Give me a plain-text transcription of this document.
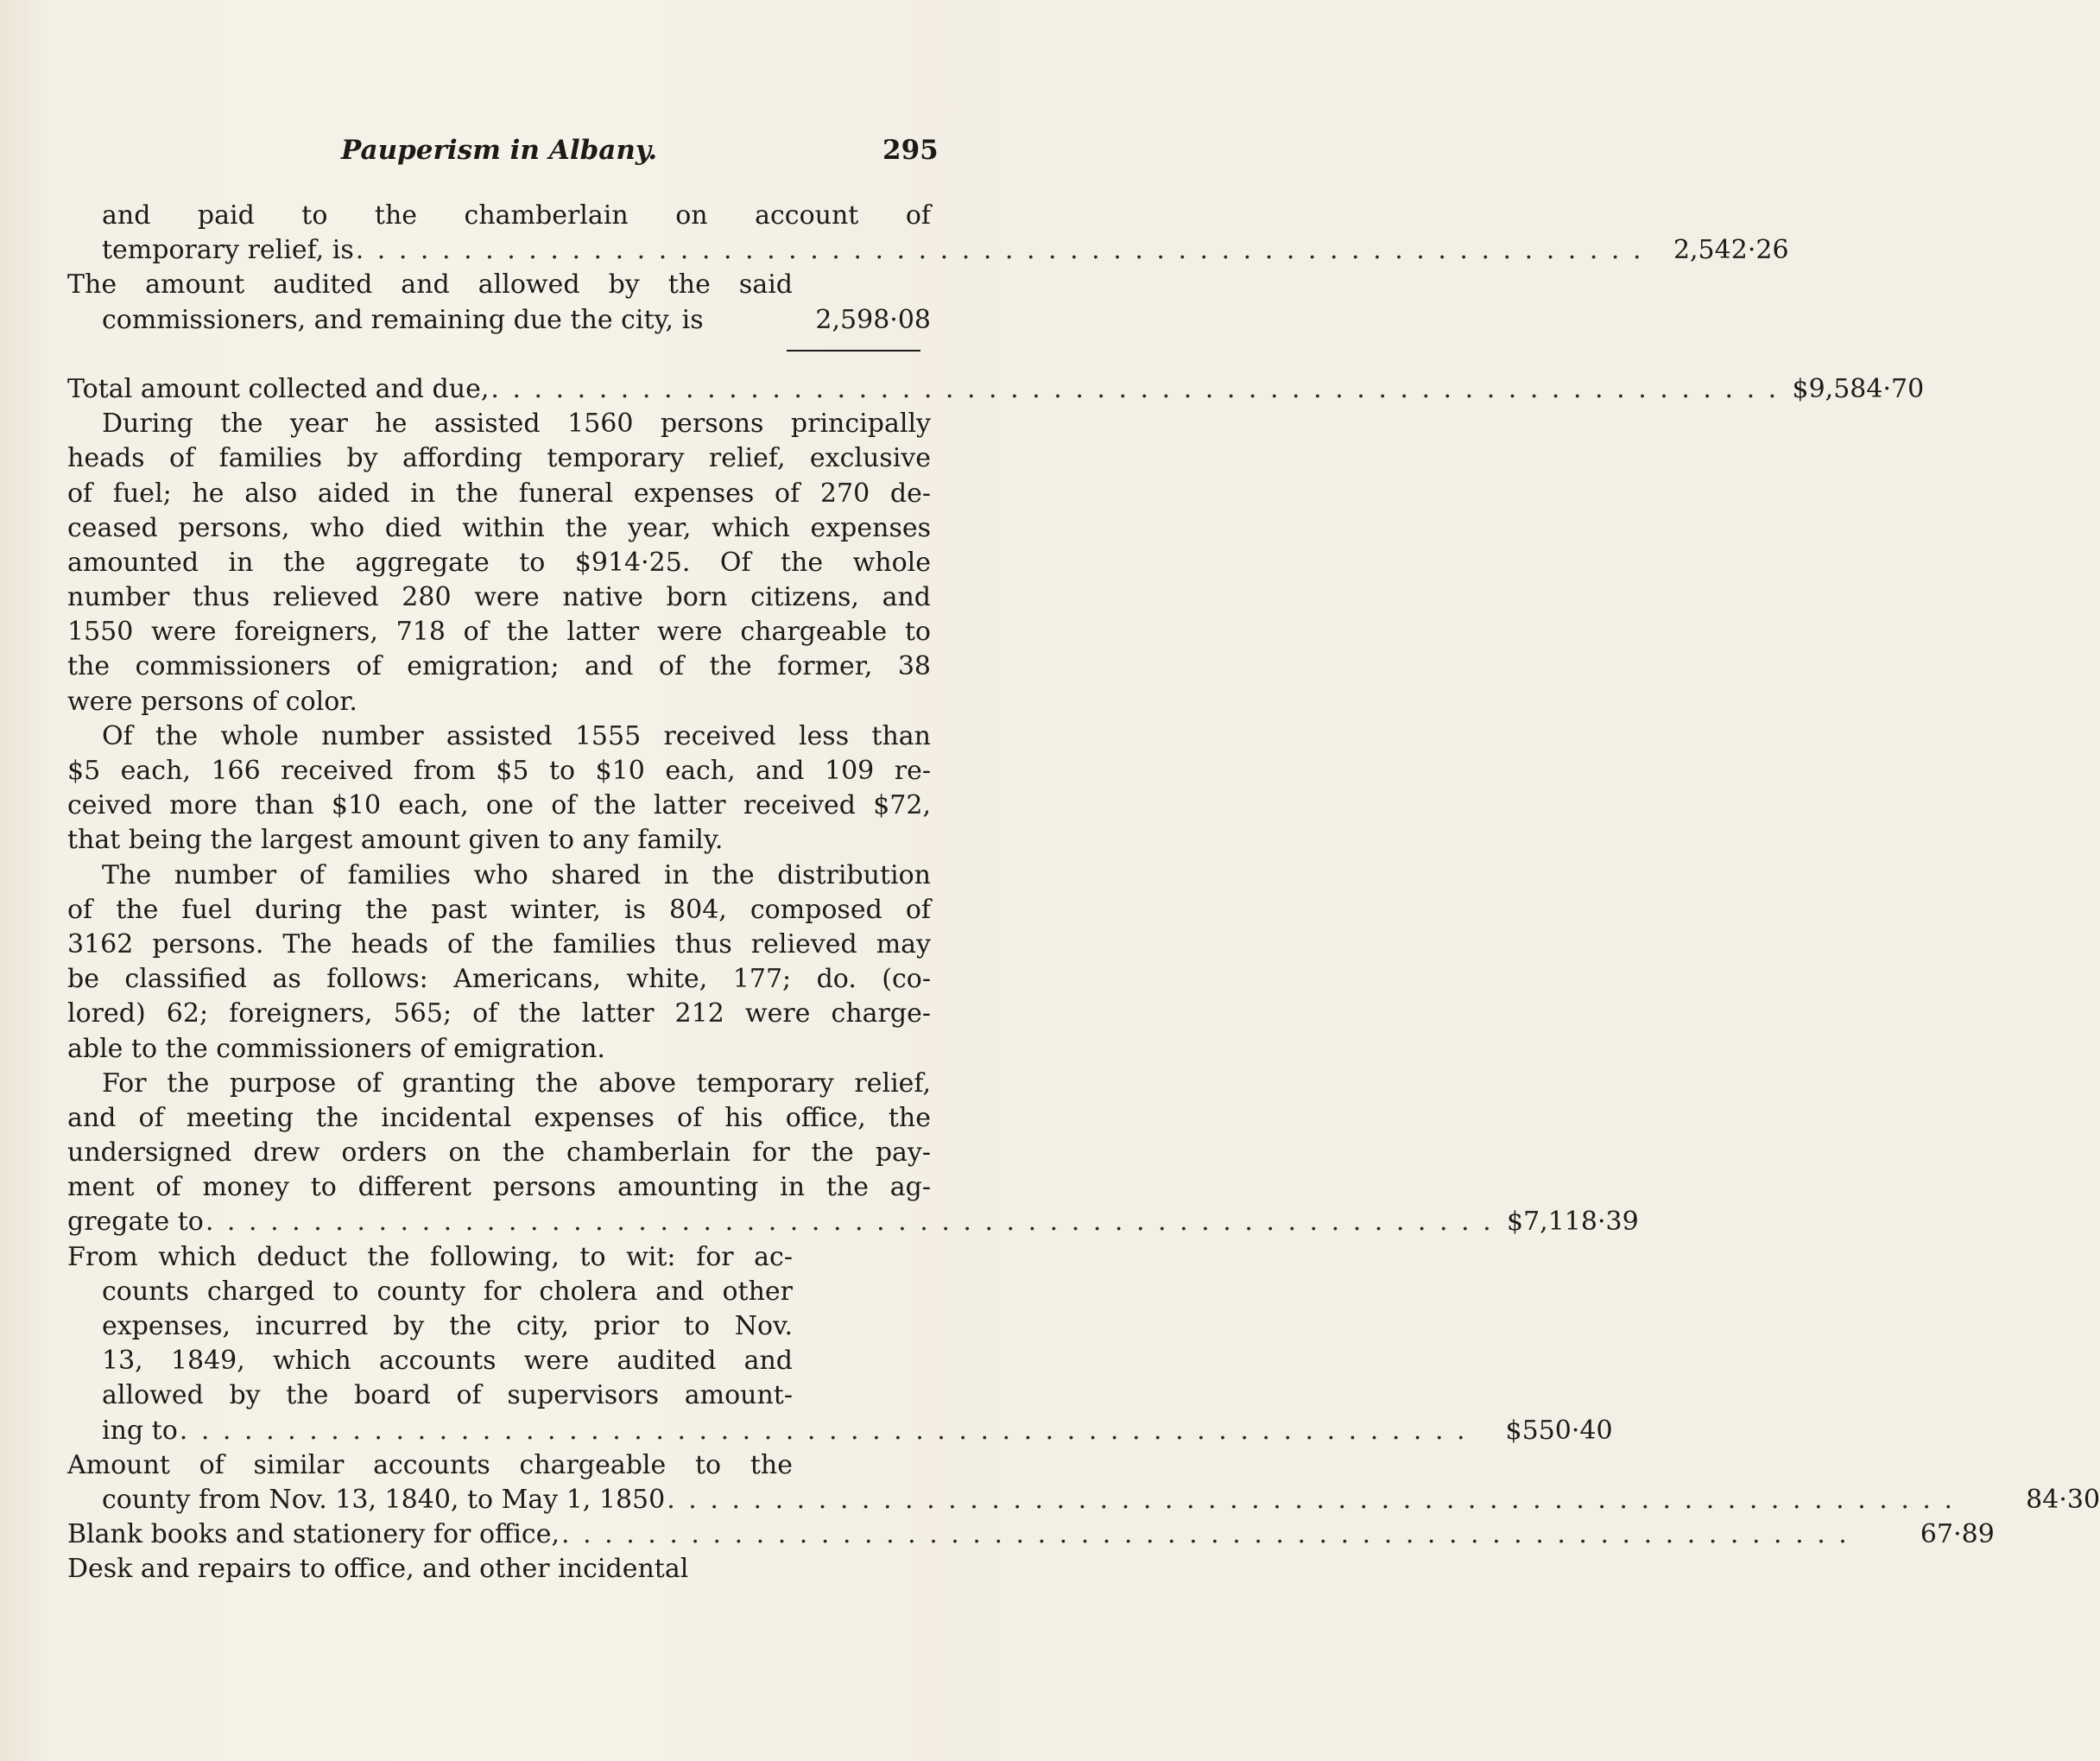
Pauperism in Albany.	295
and paid to the chamberlain on account of
temporary relief, is . . . . . . . . . . . . . . . . . . . . . . . . . . . . . . . . . . . . . . . . . . . . . . . . . . . . . . . . . . . .	2,542·26
The amount audited and allowed by the said
commissioners, and remaining due the city, is	2,598·08
Total amount collected and due, . . . . . . . . . . . . . . . . . . . . . . . . . . . . . . . . . . . . . . . . . . . . . . . . . . . . . . . . . . . . $9,584·70
During the year he assisted 1560 persons principally
heads of families by affording temporary relief, exclusive
of fuel; he also aided in the funeral expenses of 270 de-
ceased persons, who died within the year, which expenses
amounted in the aggregate to $914·25. Of the whole
number thus relieved 280 were native born citizens, and
1550 were foreigners, 718 of the latter were chargeable to
the commissioners of emigration; and of the former, 38
were persons of color.
Of the whole number assisted 1555 received less than
$5 each, 166 received from $5 to $10 each, and 109 re-
ceived more than $10 each, one of the latter received $72,
that being the largest amount given to any family.
The number of families who shared in the distribution
of the fuel during the past winter, is 804, composed of
3162 persons. The heads of the families thus relieved may
be classified as follows: Americans, white, 177; do. (co-
lored) 62; foreigners, 565; of the latter 212 were charge-
able to the commissioners of emigration.
For the purpose of granting the above temporary relief,
and of meeting the incidental expenses of his office, the
undersigned drew orders on the chamberlain for the pay-
ment of money to different persons amounting in the ag-
gregate to . . . . . . . . . . . . . . . . . . . . . . . . . . . . . . . . . . . . . . . . . . . . . . . . . . . . . . . . . . . . $7,118·39
From which deduct the following, to wit: for ac-
counts charged to county for cholera and other
expenses, incurred by the city, prior to Nov.
13, 1849, which accounts were audited and
allowed by the board of supervisors amount-
ing to . . . . . . . . . . . . . . . . . . . . . . . . . . . . . . . . . . . . . . . . . . . . . . . . . . . . . . . . . . . .	$550·40
Amount of similar accounts chargeable to the
county from Nov. 13, 1840, to May 1, 1850 . . . . . . . . . . . . . . . . . . . . . . . . . . . . . . . . . . . . . . . . . . . . . . . . . . . . . . . . . . . .	84·30
Blank books and stationery for office, . . . . . . . . . . . . . . . . . . . . . . . . . . . . . . . . . . . . . . . . . . . . . . . . . . . . . . . . . . . .	67·89
Desk and repairs to office, and other incidental
